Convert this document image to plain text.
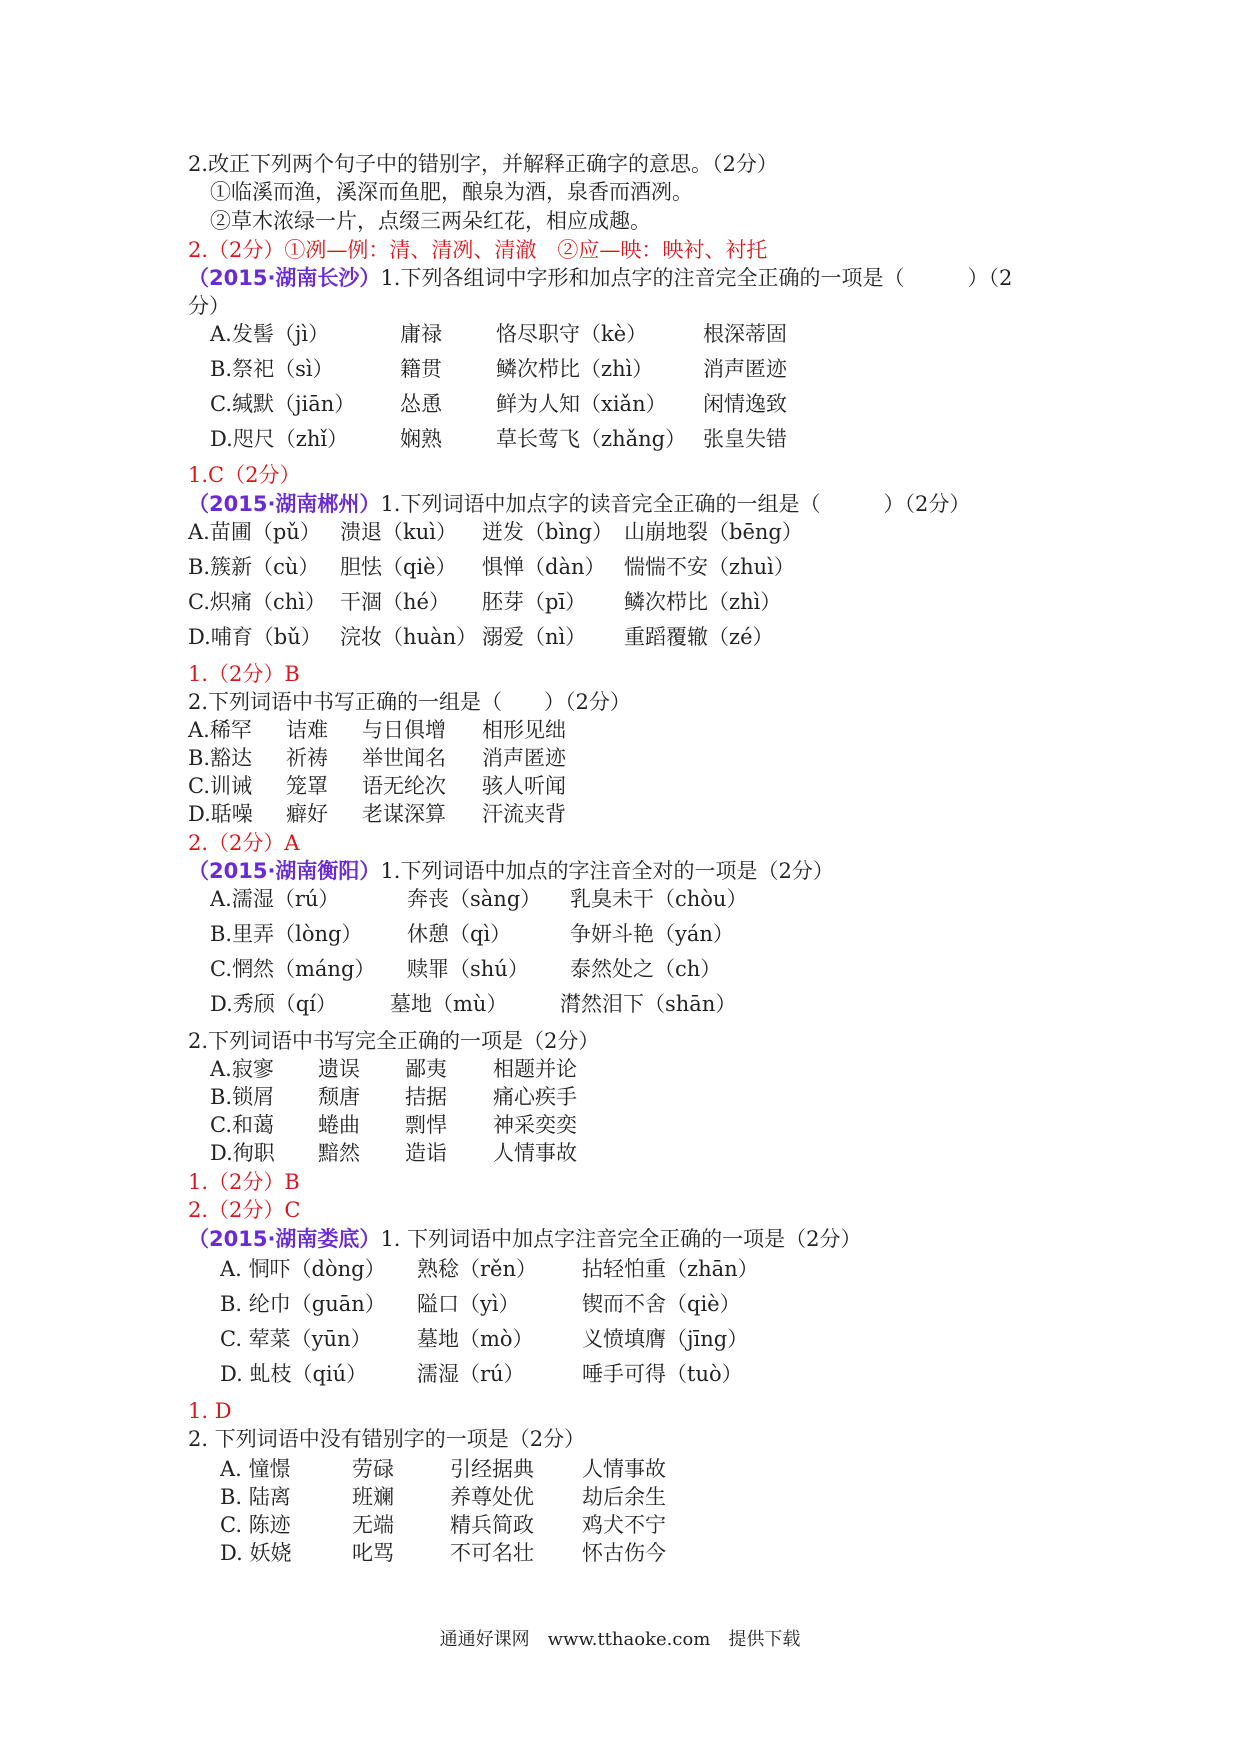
2.改正下列两个句子中的错别字，并解释正确字的意思。（2分）
①临溪而渔，溪深而鱼肥，酿泉为酒，泉香而酒冽。
②草木浓绿一片，点缀三两朵红花，相应成趣。
2.（2分）①冽—例：清、清冽、清澈　②应—映：映衬、衬托
（2015·湖南长沙）1.下列各组词中字形和加点字的注音完全正确的一项是（　　　）（2
分）
A.发髻（jì）	庸禄	恪尽职守（kè）	根深蒂固
B.祭祀（sì）	籍贯	鳞次栉比（zhì） 消声匿迹
C.缄默（jiān） 怂恿	鲜为人知（xiǎn） 闲情逸致
D.咫尺（zhǐ） 娴熟	草长莺飞（zhǎng） 张皇失错
1.C（2分）
（2015·湖南郴州）1.下列词语中加点字的读音完全正确的一组是（　　　）（2分）
A.苗圃（pǔ） 溃退（kuì） 迸发（bìng） 山崩地裂（bēng）
B.簇新（cù） 胆怯（qiè） 惧惮（dàn） 惴惴不安（zhuì）
C.炽痛（chì） 干涸（hé） 胚芽（pī） 鳞次栉比（zhì）
D.哺育（bǔ） 浣妆（huàn） 溺爱（nì） 重蹈覆辙（zé）
1.（2分）B
2.下列词语中书写正确的一组是（　　）（2分）
A.稀罕 诘难 与日俱增 相形见绌
B.豁达 祈祷 举世闻名 消声匿迹
C.训诫 笼罩 语无纶次 骇人听闻
D.聒噪 癖好 老谋深算 汗流夹背
2.（2分）A
（2015·湖南衡阳）1.下列词语中加点的字注音全对的一项是（2分）
A.濡湿（rú）	奔丧（sàng） 乳臭未干（chòu）
B.里弄（lòng） 休憩（qì）	争妍斗艳（yán）
C.惘然（máng） 赎罪（shú） 泰然处之（ch）
D.秀颀（qí）	墓地（mù）	潸然泪下（shān）
2.下列词语中书写完全正确的一项是（2分）
A.寂寥 遗误 鄙夷 相题并论
B.锁屑 颓唐 拮据 痛心疾手
C.和蔼 蜷曲 剽悍 神采奕奕
D.徇职 黯然 造诣 人情事故
1.（2分）B
2.（2分）C
（2015·湖南娄底）1. 下列词语中加点字注音完全正确的一项是（2分）
A. 恫吓（dòng） 熟稔（rěn） 拈轻怕重（zhān）
B. 纶巾（guān） 隘口（yì）	锲而不舍（qiè）
C. 荤菜（yūn） 墓地（mò） 义愤填膺（jīng）
D. 虬枝（qiú） 濡湿（rú）	唾手可得（tuò）
1. D
2. 下列词语中没有错别字的一项是（2分）
A. 憧憬	劳碌	引经据典 人情事故
B. 陆离	班斓	养尊处优 劫后余生
C. 陈迹	无端	精兵简政 鸡犬不宁
D. 妖娆	叱骂	不可名壮 怀古伤今
通通好课网　www.tthaoke.com　提供下载
